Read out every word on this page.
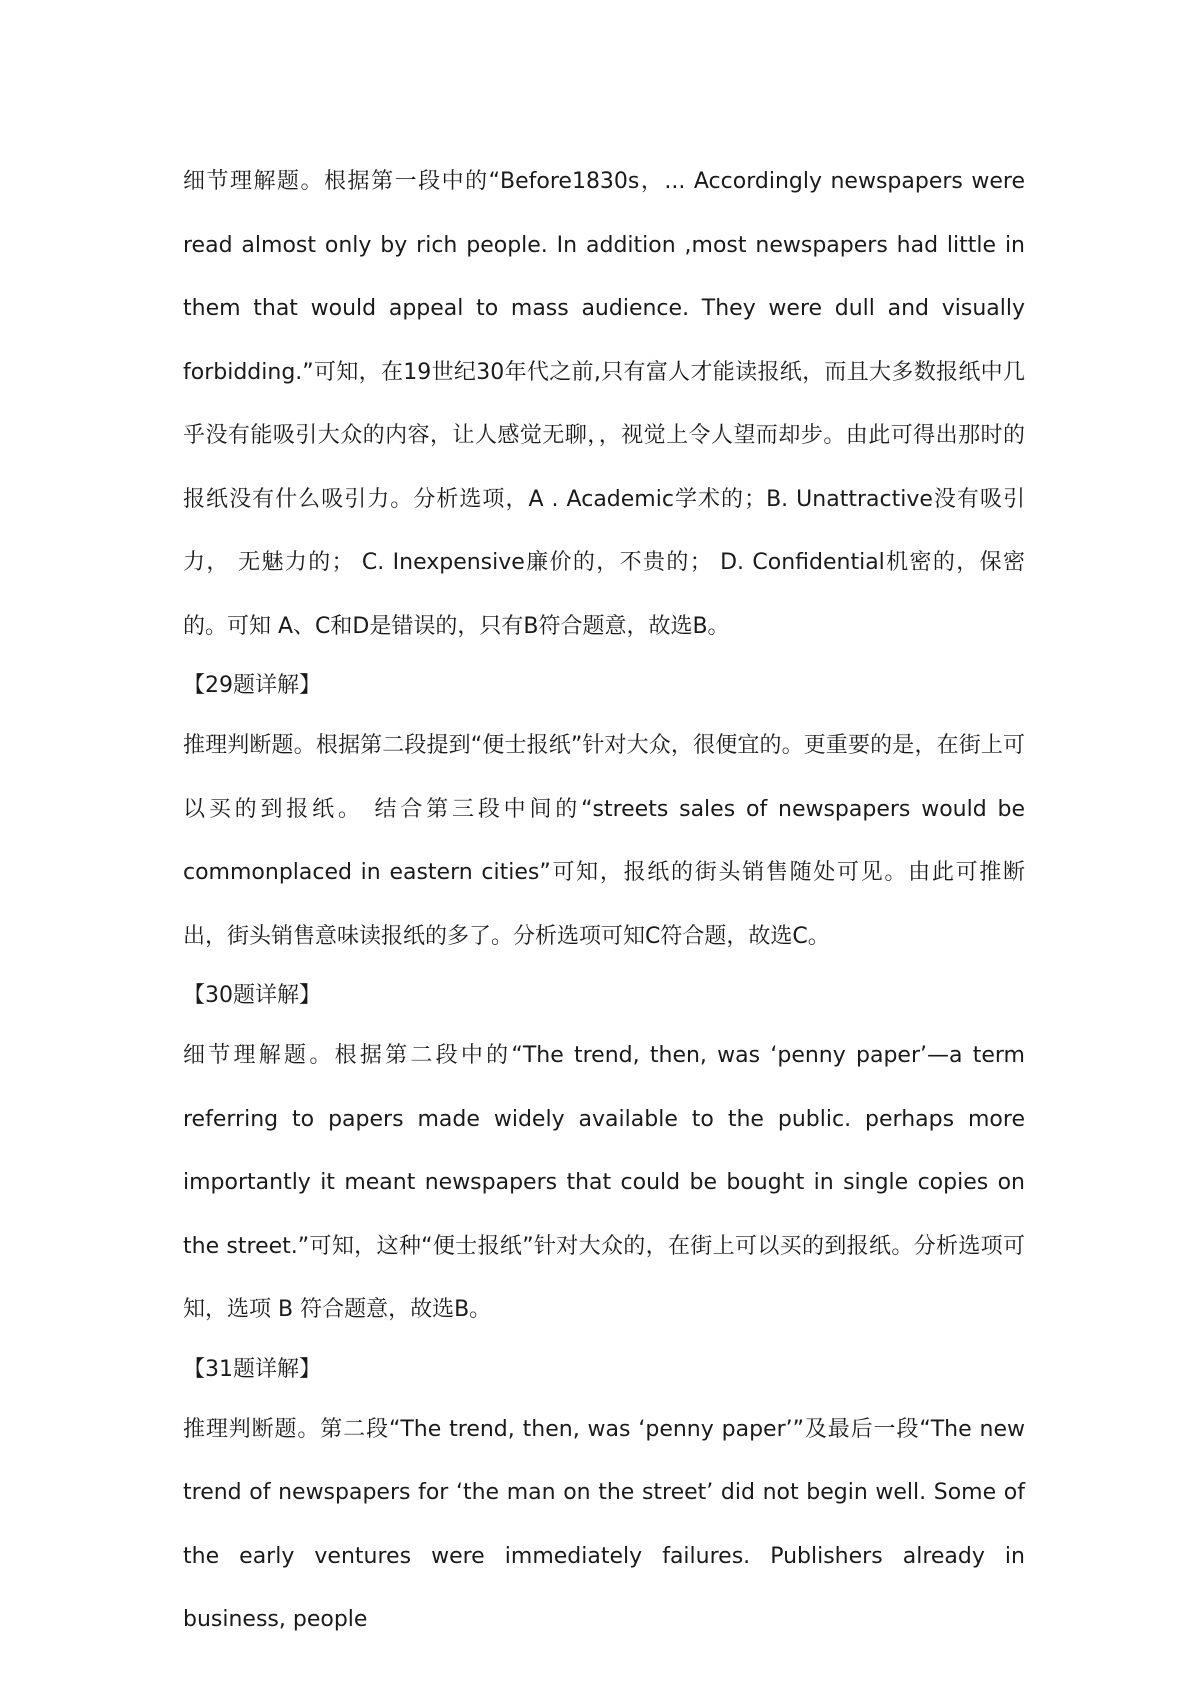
细节理解题。根据第一段中的“Before1830s，... Accordingly newspapers were read almost only by rich people. In addition ,most newspapers had little in them that would appeal to mass audience. They were dull and visually forbidding.”可知，在19世纪30年代之前,只有富人才能读报纸，而且大多数报纸中几乎没有能吸引大众的内容，让人感觉无聊，，视觉上令人望而却步。由此可得出那时的报纸没有什么吸引力。分析选项，A . Academic学术的；B. Unattractive没有吸引力， 无魅力的； C. Inexpensive廉价的，不贵的； D. Confidential机密的，保密的。可知 A、C和D是错误的，只有B符合题意，故选B。

【29题详解】

推理判断题。根据第二段提到“便士报纸”针对大众，很便宜的。更重要的是，在街上可以买的到报纸。 结合第三段中间的“streets sales of newspapers would be commonplaced in eastern cities”可知，报纸的街头销售随处可见。由此可推断出，街头销售意味读报纸的多了。分析选项可知C符合题，故选C。

【30题详解】

细节理解题。根据第二段中的“The trend, then, was ‘penny paper’—a term referring to papers made widely available to the public. perhaps more importantly it meant newspapers that could be bought in single copies on the street.”可知，这种“便士报纸”针对大众的，在街上可以买的到报纸。分析选项可知，选项 B 符合题意，故选B。

【31题详解】

推理判断题。第二段“The trend, then, was ‘penny paper’”及最后一段“The new trend of newspapers for ‘the man on the street’ did not begin well. Some of the early ventures were immediately failures. Publishers already in business, people
